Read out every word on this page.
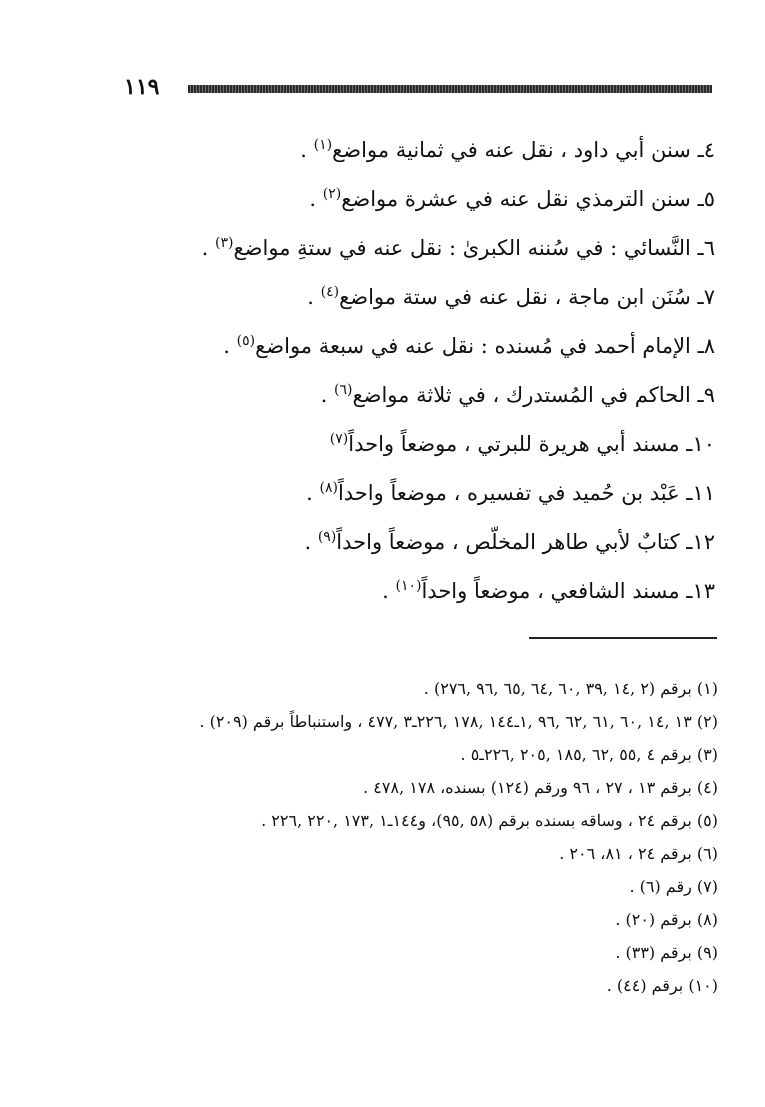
١١٩
٤ـ سنن أبي داود ، نقل عنه في ثمانية مواضع$^{(١)}$ .
٥ـ سنن الترمذي نقل عنه في عشرة مواضع$^{(٢)}$ .
٦ـ النَّسائي : في سُننه الكبرىٰ : نقل عنه في ستةِ مواضع$^{(٣)}$ .
٧ـ سُنَن ابن ماجة ، نقل عنه في ستة مواضع$^{(٤)}$ .
٨ـ الإمام أحمد في مُسنده : نقل عنه في سبعة مواضع$^{(٥)}$ .
٩ـ الحاكم في المُستدرك ، في ثلاثة مواضع$^{(٦)}$ .
١٠ـ مسند أبي هريرة للبرتي ، موضعاً واحداً$^{(٧)}$
١١ـ عَبْد بن حُميد في تفسيره ، موضعاً واحداً$^{(٨)}$ .
١٢ـ كتابٌ لأبي طاهر المخلّص ، موضعاً واحداً$^{(٩)}$ .
١٣ـ مسند الشافعي ، موضعاً واحداً$^{(١٠)}$ .
(١) برقم (٢ ,١٤ ,٣٩ ,٦٠ ,٦٤ ,٦٥ ,٩٦ ,٢٧٦) .
(٢) ١٣ ,١٤ ,٦٠ ,٦١ ,٦٢ ,٩٦ ,١ـ١٤٤ ,١٧٨ ,٢٢٦ـ٣ ,٤٧٧ ، واستنباطاً برقم (٢٠٩) .
(٣) برقم ٤ ,٥٥ ,٦٢ ,١٨٥ ,٢٠٥ ,٢٢٦ـ٥ .
(٤) برقم ١٣ ، ٢٧ ، ٩٦ ورقم (١٢٤) بسنده، ١٧٨ ,٤٧٨ .
(٥) برقم ٢٤ ، وساقه بسنده برقم (٥٨ ,٩٥)، و١٤٤ـ١ ,١٧٣ ,٢٢٠ ,٢٢٦ .
(٦) برقم ٢٤ ، ٨١، ٢٠٦ .
(٧) رقم (٦) .
(٨) برقم (٢٠) .
(٩) برقم (٣٣) .
(١٠) برقم (٤٤) .
